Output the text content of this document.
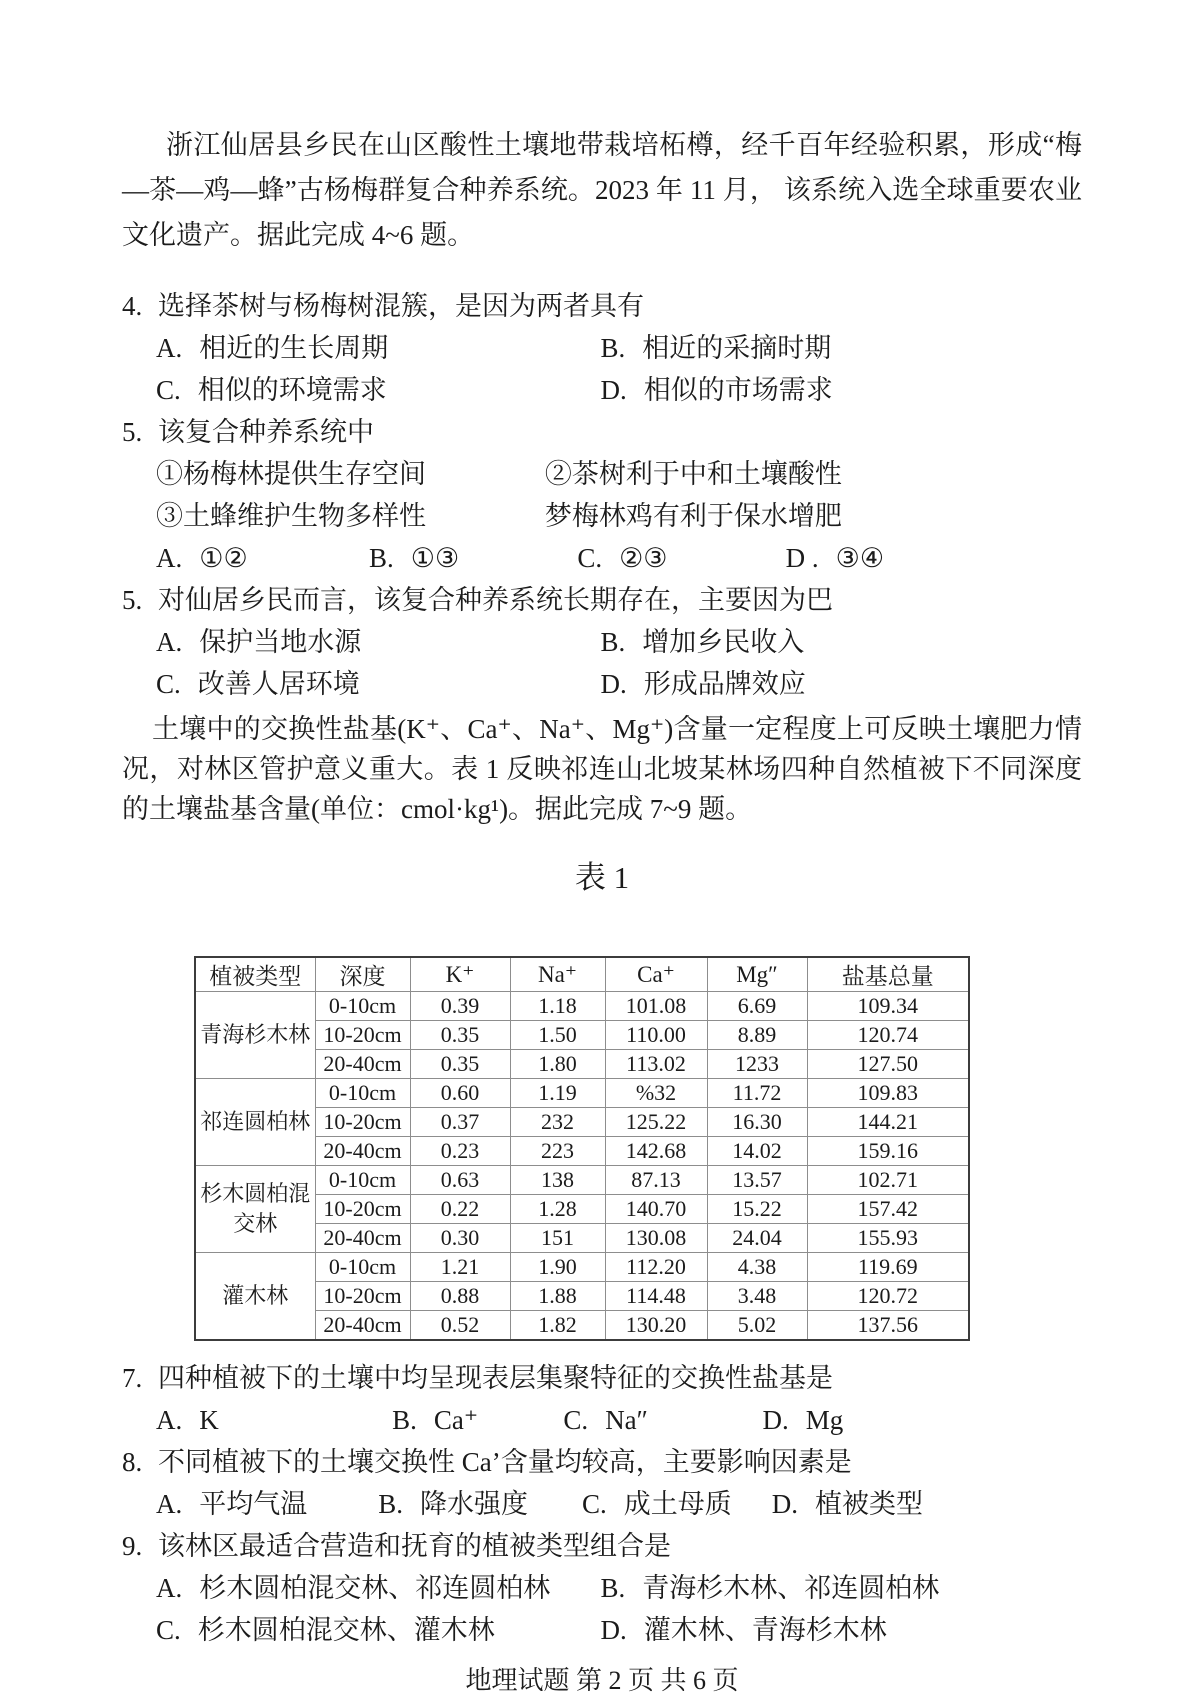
浙江仙居县乡民在山区酸性土壤地带栽培柘樽，经千百年经验积累，形成“梅—茶—鸡—蜂”古杨梅群复合种养系统。2023 年 11 月， 该系统入选全球重要农业文化遗产。据此完成 4~6 题。

4. 选择茶树与杨梅树混簇，是因为两者具有
A. 相近的生长周期	B. 相近的采摘时期
C. 相似的环境需求	D. 相似的市场需求
5. 该复合种养系统中
①杨梅林提供生存空间	②茶树利于中和土壤酸性
③土蜂维护生物多样性	梦梅林鸡有利于保水增肥
A. ①②	B. ①③	C. ②③	D . ③④
5. 对仙居乡民而言，该复合种养系统长期存在，主要因为巴
A. 保护当地水源	B. 增加乡民收入
C. 改善人居环境	D. 形成品牌效应

土壤中的交换性盐基(K⁺、Ca⁺、Na⁺、Mg⁺)含量一定程度上可反映土壤肥力情况，对林区管护意义重大。表 1 反映祁连山北坡某林场四种自然植被下不同深度的土壤盐基含量(单位：cmol·kg¹)。据此完成 7~9 题。

表 1
植被类型	深度	K⁺	Na⁺	Ca⁺	Mg″	盐基总量
青海杉木林	0-10cm	0.39	1.18	101.08	6.69	109.34
	10-20cm	0.35	1.50	110.00	8.89	120.74
	20-40cm	0.35	1.80	113.02	1233	127.50
祁连圆柏林	0-10cm	0.60	1.19	%32	11.72	109.83
	10-20cm	0.37	232	125.22	16.30	144.21
	20-40cm	0.23	223	142.68	14.02	159.16
杉木圆柏混交林	0-10cm	0.63	138	87.13	13.57	102.71
	10-20cm	0.22	1.28	140.70	15.22	157.42
	20-40cm	0.30	151	130.08	24.04	155.93
灌木林	0-10cm	1.21	1.90	112.20	4.38	119.69
	10-20cm	0.88	1.88	114.48	3.48	120.72
	20-40cm	0.52	1.82	130.20	5.02	137.56
7. 四种植被下的土壤中均呈现表层集聚特征的交换性盐基是
A. K	B. Ca⁺	C. Na″	D. Mg
8. 不同植被下的土壤交换性 Ca’含量均较高，主要影响因素是
A. 平均气温	B. 降水强度 C. 成土母质 D. 植被类型
9. 该林区最适合营造和抚育的植被类型组合是
A. 杉木圆柏混交林、祁连圆柏林 B. 青海杉木林、祁连圆柏林
C. 杉木圆柏混交林、灌木林	D. 灌木林、青海杉木林
地理试题 第 2 页 共 6 页
